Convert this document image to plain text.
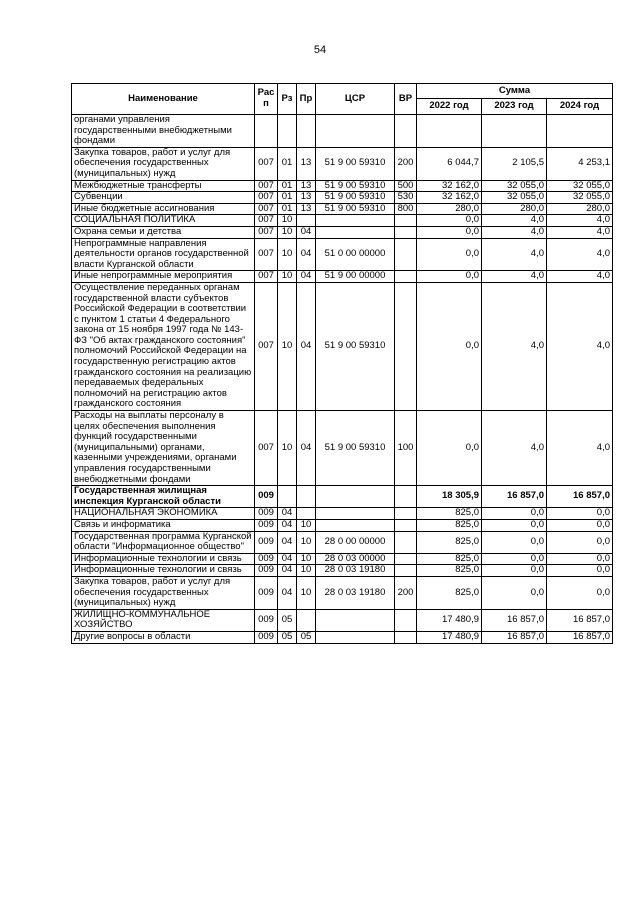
54
Наименование	Рас п	Рз	Пр	ЦСР	ВР	Сумма		
						2022 год	2023 год	2024 год
органами управления государственными внебюджетными фондами								
Закупка товаров, работ и услуг для обеспечения государственных (муниципальных) нужд	007	01	13	51 9 00 59310	200	6 044,7	2 105,5	4 253,1
Межбюджетные трансферты	007	01	13	51 9 00 59310	500	32 162,0	32 055,0	32 055,0
Субвенции	007	01	13	51 9 00 59310	530	32 162,0	32 055,0	32 055,0
Иные бюджетные ассигнования	007	01	13	51 9 00 59310	800	280,0	280,0	280,0
СОЦИАЛЬНАЯ ПОЛИТИКА	007	10				0,0	4,0	4,0
Охрана семьи и детства	007	10	04			0,0	4,0	4,0
Непрограммные направления деятельности органов государственной власти Курганской области	007	10	04	51 0 00 00000		0,0	4,0	4,0
Иные непрограммные мероприятия	007	10	04	51 9 00 00000		0,0	4,0	4,0
Осуществление переданных органам государственной власти субъектов Российской Федерации в соответствии с пунктом 1 статьи 4 Федерального закона от 15 ноября 1997 года № 143-ФЗ "Об актах гражданского состояния" полномочий Российской Федерации на государственную регистрацию актов гражданского состояния на реализацию передаваемых федеральных полномочий на регистрацию актов гражданского состояния	007	10	04	51 9 00 59310		0,0	4,0	4,0
Расходы на выплаты персоналу в целях обеспечения выполнения функций государственными (муниципальными) органами, казенными учреждениями, органами управления государственными внебюджетными фондами	007	10	04	51 9 00 59310	100	0,0	4,0	4,0
Государственная жилищная инспекция Курганской области	009					18 305,9	16 857,0	16 857,0
НАЦИОНАЛЬНАЯ ЭКОНОМИКА	009	04				825,0	0,0	0,0
Связь и информатика	009	04	10			825,0	0,0	0,0
Государственная программа Курганской области "Информационное общество"	009	04	10	28 0 00 00000		825,0	0,0	0,0
Информационные технологии и связь	009	04	10	28 0 03 00000		825,0	0,0	0,0
Информационные технологии и связь	009	04	10	28 0 03 19180		825,0	0,0	0,0
Закупка товаров, работ и услуг для обеспечения государственных (муниципальных) нужд	009	04	10	28 0 03 19180	200	825,0	0,0	0,0
ЖИЛИЩНО-КОММУНАЛЬНОЕ ХОЗЯЙСТВО	009	05				17 480,9	16 857,0	16 857,0
Другие вопросы в области	009	05	05			17 480,9	16 857,0	16 857,0
